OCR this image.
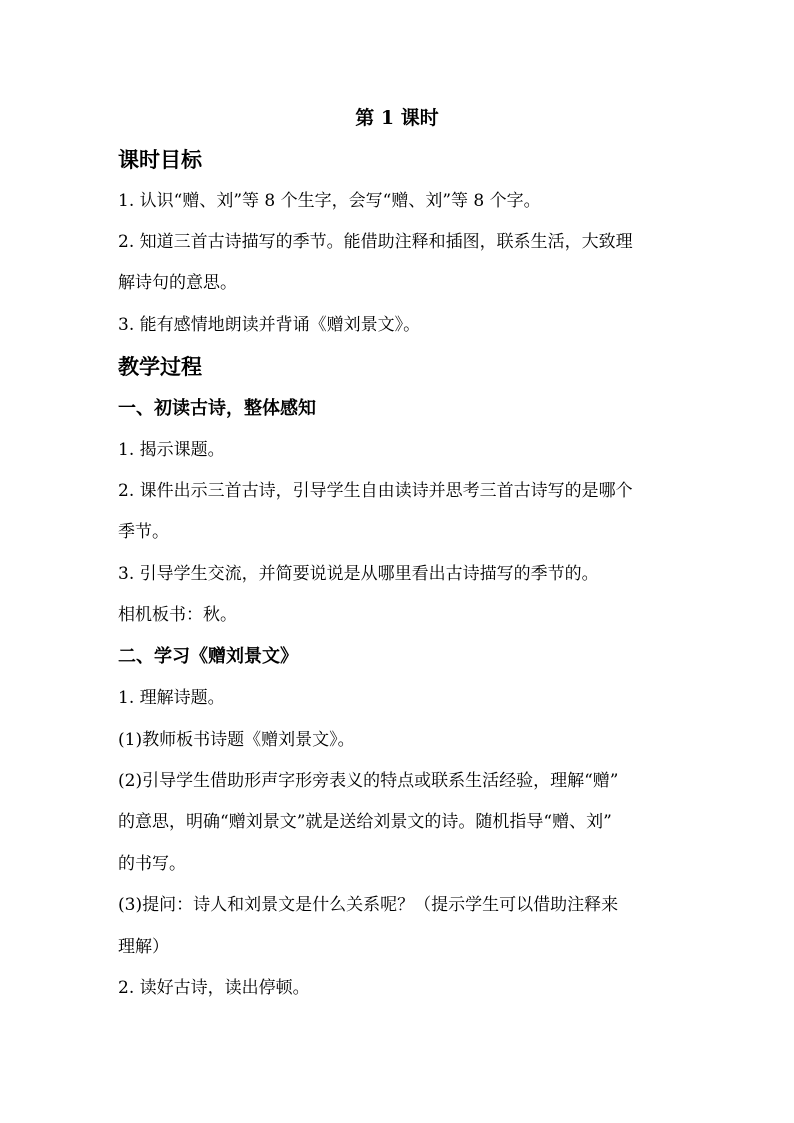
第 1 课时
课时目标
1. 认识“赠、刘”等 8 个生字，会写“赠、刘”等 8 个字。
2. 知道三首古诗描写的季节。能借助注释和插图，联系生活，大致理
解诗句的意思。
3. 能有感情地朗读并背诵《赠刘景文》。
教学过程
一、初读古诗，整体感知
1. 揭示课题。
2. 课件出示三首古诗，引导学生自由读诗并思考三首古诗写的是哪个
季节。
3. 引导学生交流，并简要说说是从哪里看出古诗描写的季节的。
相机板书：秋。
二、学习《赠刘景文》
1. 理解诗题。
(1)教师板书诗题《赠刘景文》。
(2)引导学生借助形声字形旁表义的特点或联系生活经验，理解“赠”
的意思，明确“赠刘景文”就是送给刘景文的诗。随机指导“赠、刘”
的书写。
(3)提问：诗人和刘景文是什么关系呢？（提示学生可以借助注释来
理解）
2. 读好古诗，读出停顿。
